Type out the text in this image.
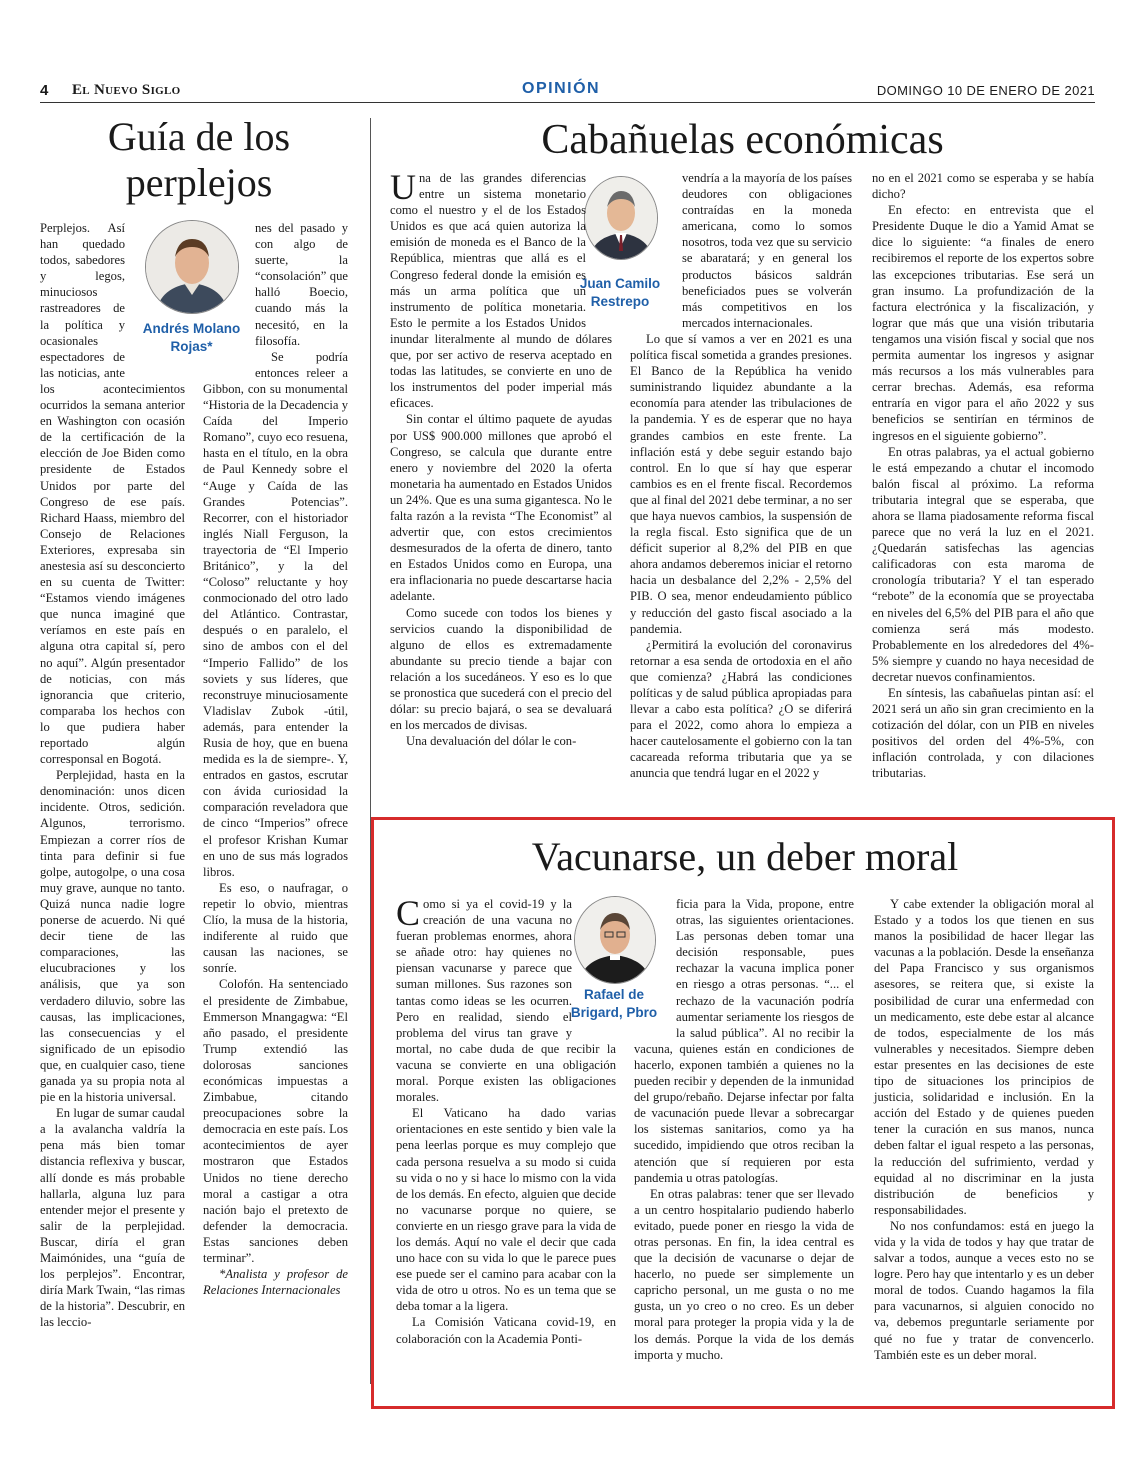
4 El Nuevo Siglo	OPINIÓN	DOMINGO 10 DE ENERO DE 2021
Guía de los
perplejos
Andrés Molano Rojas*

Perplejos. Así han quedado todos, sabedores y legos, minuciosos rastreadores de la política y ocasionales espectadores de las noticias, ante los acontecimientos ocurridos la semana anterior en Washington con ocasión de la certificación de la elección de Joe Biden como presidente de Estados Unidos por parte del Congreso de ese país. Richard Haass, miembro del Consejo de Relaciones Exteriores, expresaba sin anestesia así su desconcierto en su cuenta de Twitter: “Estamos viendo imágenes que nunca imaginé que veríamos en este país en alguna otra capital sí, pero no aquí”. Algún presentador de noticias, con más ignorancia que criterio, comparaba los hechos con lo que pudiera haber reportado algún corresponsal en Bogotá.

Perplejidad, hasta en la denominación: unos dicen incidente. Otros, sedición. Algunos, terrorismo. Empiezan a correr ríos de tinta para definir si fue golpe, autogolpe, o una cosa muy grave, aunque no tanto. Quizá nunca nadie logre ponerse de acuerdo. Ni qué decir tiene de las comparaciones, las elucubraciones y los análisis, que ya son verdadero diluvio, sobre las causas, las implicaciones, las consecuencias y el significado de un episodio que, en cualquier caso, tiene ganada ya su propia nota al pie en la historia universal.

En lugar de sumar caudal a la avalancha valdría la pena más bien tomar distancia reflexiva y buscar, allí donde es más probable hallarla, alguna luz para entender mejor el presente y salir de la perplejidad. Buscar, diría el gran Maimónides, una “guía de los perplejos”. Encontrar, diría Mark Twain, “las rimas de la historia”. Descubrir, en las leccio-

nes del pasado y con algo de suerte, la “consolación” que halló Boecio, cuando más la necesitó, en la filosofía.

Se podría entonces releer a Gibbon, con su monumental “Historia de la Decadencia y Caída del Imperio Romano”, cuyo eco resuena, hasta en el título, en la obra de Paul Kennedy sobre el “Auge y Caída de las Grandes Potencias”. Recorrer, con el historiador inglés Niall Ferguson, la trayectoria de “El Imperio Británico”, y la del “Coloso” reluctante y hoy conmocionado del otro lado del Atlántico. Contrastar, después o en paralelo, el sino de ambos con el del “Imperio Fallido” de los soviets y sus líderes, que reconstruye minuciosamente Vladislav Zubok -útil, además, para entender la Rusia de hoy, que en buena medida es la de siempre-. Y, entrados en gastos, escrutar con ávida curiosidad la comparación reveladora que de cinco “Imperios” ofrece el profesor Krishan Kumar en uno de sus más logrados libros.

Es eso, o naufragar, o repetir lo obvio, mientras Clío, la musa de la historia, indiferente al ruido que causan las naciones, se sonríe.

Colofón. Ha sentenciado el presidente de Zimbabue, Emmerson Mnangagwa: “El año pasado, el presidente Trump extendió las dolorosas sanciones económicas impuestas a Zimbabue, citando preocupaciones sobre la democracia en este país. Los acontecimientos de ayer mostraron que Estados Unidos no tiene derecho moral a castigar a otra nación bajo el pretexto de defender la democracia. Estas sanciones deben terminar”.

*Analista y profesor de Relaciones Internacionales

Cabañuelas económicas
Juan Camilo
Restrepo

Una de las grandes diferencias entre un sistema monetario como el nuestro y el de los Estados Unidos es que acá quien autoriza la emisión de moneda es el Banco de la República, mientras que allá es el Congreso federal donde la emisión es más un arma política que un instrumento de política monetaria. Esto le permite a los Estados Unidos inundar literalmente al mundo de dólares que, por ser activo de reserva aceptado en todas las latitudes, se convierte en uno de los instrumentos del poder imperial más eficaces.

Sin contar el último paquete de ayudas por US$ 900.000 millones que aprobó el Congreso, se calcula que durante entre enero y noviembre del 2020 la oferta monetaria ha aumentado en Estados Unidos un 24%. Que es una suma gigantesca. No le falta razón a la revista “The Economist” al advertir que, con estos crecimientos desmesurados de la oferta de dinero, tanto en Estados Unidos como en Europa, una era inflacionaria no puede descartarse hacia adelante.

Como sucede con todos los bienes y servicios cuando la disponibilidad de alguno de ellos es extremadamente abundante su precio tiende a bajar con relación a los sucedáneos. Y eso es lo que se pronostica que sucederá con el precio del dólar: su precio bajará, o sea se devaluará en los mercados de divisas.

Una devaluación del dólar le con-

vendría a la mayoría de los países deudores con obligaciones contraídas en la moneda americana, como lo somos nosotros, toda vez que su servicio se abaratará; y en general los productos básicos saldrán beneficiados pues se volverán más competitivos en los mercados internacionales.

Lo que sí vamos a ver en 2021 es una política fiscal sometida a grandes presiones. El Banco de la República ha venido suministrando liquidez abundante a la economía para atender las tribulaciones de la pandemia. Y es de esperar que no haya grandes cambios en este frente. La inflación está y debe seguir estando bajo control. En lo que sí hay que esperar cambios es en el frente fiscal. Recordemos que al final del 2021 debe terminar, a no ser que haya nuevos cambios, la suspensión de la regla fiscal. Esto significa que de un déficit superior al 8,2% del PIB en que ahora andamos deberemos iniciar el retorno hacia un desbalance del 2,2% - 2,5% del PIB. O sea, menor endeudamiento público y reducción del gasto fiscal asociado a la pandemia.

¿Permitirá la evolución del coronavirus retornar a esa senda de ortodoxia en el año que comienza? ¿Habrá las condiciones políticas y de salud pública apropiadas para llevar a cabo esta política? ¿O se diferirá para el 2022, como ahora lo empieza a hacer cautelosamente el gobierno con la tan cacareada reforma tributaria que ya se anuncia que tendrá lugar en el 2022 y

no en el 2021 como se esperaba y se había dicho?

En efecto: en entrevista que el Presidente Duque le dio a Yamid Amat se dice lo siguiente: “a finales de enero recibiremos el reporte de los expertos sobre las excepciones tributarias. Ese será un gran insumo. La profundización de la factura electrónica y la fiscalización, y lograr que más que una visión tributaria tengamos una visión fiscal y social que nos permita aumentar los ingresos y asignar más recursos a los más vulnerables para cerrar brechas. Además, esa reforma entraría en vigor para el año 2022 y sus beneficios se sentirían en términos de ingresos en el siguiente gobierno”.

En otras palabras, ya el actual gobierno le está empezando a chutar el incomodo balón fiscal al próximo. La reforma tributaria integral que se esperaba, que ahora se llama piadosamente reforma fiscal parece que no verá la luz en el 2021. ¿Quedarán satisfechas las agencias calificadoras con esta maroma de cronología tributaria? Y el tan esperado “rebote” de la economía que se proyectaba en niveles del 6,5% del PIB para el año que comienza será más modesto. Probablemente en los alrededores del 4%- 5% siempre y cuando no haya necesidad de decretar nuevos confinamientos.

En síntesis, las cabañuelas pintan así: el 2021 será un año sin gran crecimiento en la cotización del dólar, con un PIB en niveles positivos del orden del 4%-5%, con inflación controlada, y con dilaciones tributarias.

Vacunarse, un deber moral
Rafael de
Brigard, Pbro

Como si ya el covid-19 y la creación de una vacuna no fueran problemas enormes, ahora se añade otro: hay quienes no piensan vacunarse y parece que suman millones. Sus razones son tantas como ideas se les ocurren. Pero en realidad, siendo el problema del virus tan grave y mortal, no cabe duda de que recibir la vacuna se convierte en una obligación moral. Porque existen las obligaciones morales.

El Vaticano ha dado varias orientaciones en este sentido y bien vale la pena leerlas porque es muy complejo que cada persona resuelva a su modo si cuida su vida o no y si hace lo mismo con la vida de los demás. En efecto, alguien que decide no vacunarse porque no quiere, se convierte en un riesgo grave para la vida de los demás. Aquí no vale el decir que cada uno hace con su vida lo que le parece pues ese puede ser el camino para acabar con la vida de otro u otros. No es un tema que se deba tomar a la ligera.

La Comisión Vaticana covid-19, en colaboración con la Academia Ponti-

ficia para la Vida, propone, entre otras, las siguientes orientaciones. Las personas deben tomar una decisión responsable, pues rechazar la vacuna implica poner en riesgo a otras personas. “... el rechazo de la vacunación podría aumentar seriamente los riesgos de la salud pública”. Al no recibir la vacuna, quienes están en condiciones de hacerlo, exponen también a quienes no la pueden recibir y dependen de la inmunidad del grupo/rebaño. Dejarse infectar por falta de vacunación puede llevar a sobrecargar los sistemas sanitarios, como ya ha sucedido, impidiendo que otros reciban la atención que sí requieren por esta pandemia u otras patologías.

En otras palabras: tener que ser llevado a un centro hospitalario pudiendo haberlo evitado, puede poner en riesgo la vida de otras personas. En fin, la idea central es que la decisión de vacunarse o dejar de hacerlo, no puede ser simplemente un capricho personal, un me gusta o no me gusta, un yo creo o no creo. Es un deber moral para proteger la propia vida y la de los demás. Porque la vida de los demás importa y mucho.

Y cabe extender la obligación moral al Estado y a todos los que tienen en sus manos la posibilidad de hacer llegar las vacunas a la población. Desde la enseñanza del Papa Francisco y sus organismos asesores, se reitera que, si existe la posibilidad de curar una enfermedad con un medicamento, este debe estar al alcance de todos, especialmente de los más vulnerables y necesitados. Siempre deben estar presentes en las decisiones de este tipo de situaciones los principios de justicia, solidaridad e inclusión. En la acción del Estado y de quienes pueden tener la curación en sus manos, nunca deben faltar el igual respeto a las personas, la reducción del sufrimiento, verdad y equidad al no discriminar en la justa distribución de beneficios y responsabilidades.

No nos confundamos: está en juego la vida y la vida de todos y hay que tratar de salvar a todos, aunque a veces esto no se logre. Pero hay que intentarlo y es un deber moral de todos. Cuando hagamos la fila para vacunarnos, si alguien conocido no va, debemos preguntarle seriamente por qué no fue y tratar de convencerlo. También este es un deber moral.
